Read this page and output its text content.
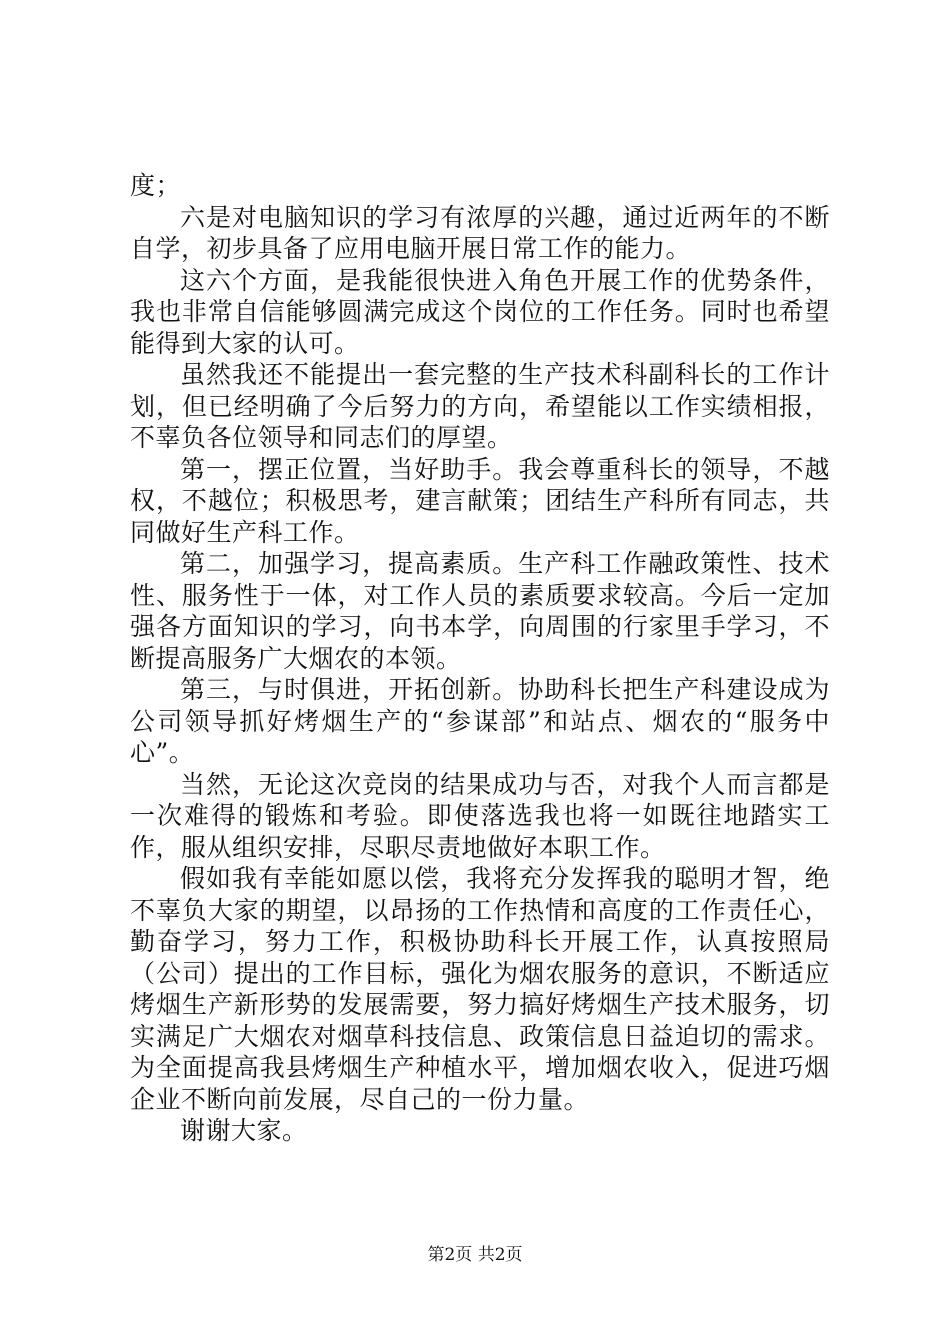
度；

六是对电脑知识的学习有浓厚的兴趣，通过近两年的不断自学，初步具备了应用电脑开展日常工作的能力。

这六个方面，是我能很快进入角色开展工作的优势条件，我也非常自信能够圆满完成这个岗位的工作任务。同时也希望能得到大家的认可。

虽然我还不能提出一套完整的生产技术科副科长的工作计划，但已经明确了今后努力的方向，希望能以工作实绩相报，不辜负各位领导和同志们的厚望。

第一，摆正位置，当好助手。我会尊重科长的领导，不越权，不越位；积极思考，建言献策；团结生产科所有同志，共同做好生产科工作。

第二，加强学习，提高素质。生产科工作融政策性、技术性、服务性于一体，对工作人员的素质要求较高。今后一定加强各方面知识的学习，向书本学，向周围的行家里手学习，不断提高服务广大烟农的本领。

第三，与时俱进，开拓创新。协助科长把生产科建设成为公司领导抓好烤烟生产的“参谋部”和站点、烟农的“服务中心”。

当然，无论这次竞岗的结果成功与否，对我个人而言都是一次难得的锻炼和考验。即使落选我也将一如既往地踏实工作，服从组织安排，尽职尽责地做好本职工作。

假如我有幸能如愿以偿，我将充分发挥我的聪明才智，绝不辜负大家的期望，以昂扬的工作热情和高度的工作责任心，勤奋学习，努力工作，积极协助科长开展工作，认真按照局（公司）提出的工作目标，强化为烟农服务的意识，不断适应烤烟生产新形势的发展需要，努力搞好烤烟生产技术服务，切实满足广大烟农对烟草科技信息、政策信息日益迫切的需求。为全面提高我县烤烟生产种植水平，增加烟农收入，促进巧烟企业不断向前发展，尽自己的一份力量。

谢谢大家。

第2页 共2页
